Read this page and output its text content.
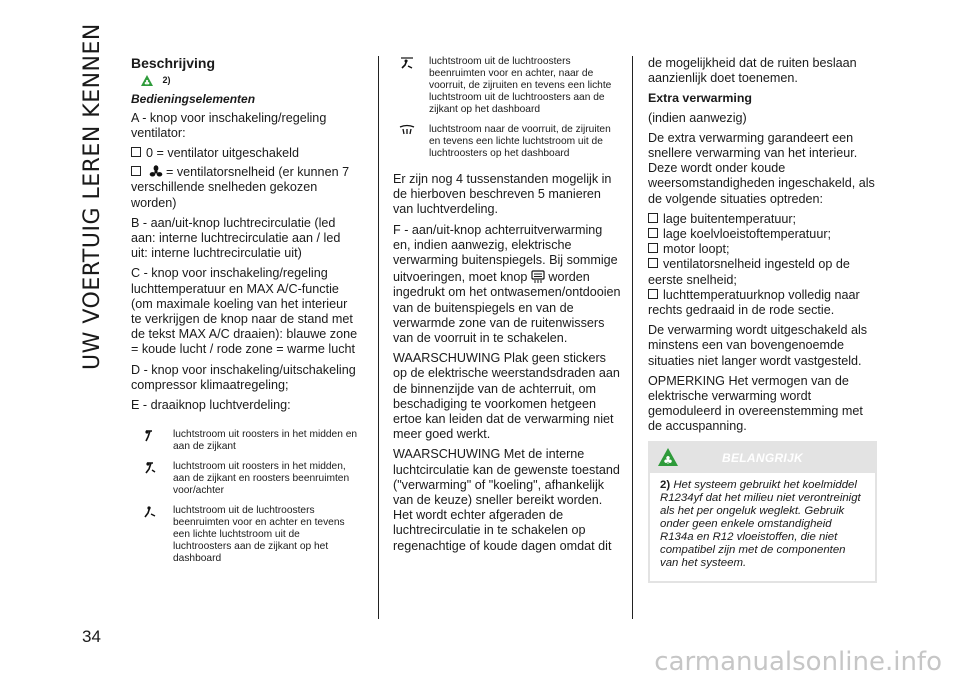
UW VOERTUIG LEREN KENNEN
34
Beschrijving
♣ $^{2)}$
Bedieningselementen

A - knop voor inschakeling/regeling ventilator:

0 = ventilator uitgeschakeld

= ventilatorsnelheid (er kunnen 7 verschillende snelheden gekozen worden)

B - aan/uit-knop luchtrecirculatie (led aan: interne luchtrecirculatie aan / led uit: interne luchtrecirculatie uit)

C - knop voor inschakeling/regeling luchttemperatuur en MAX A/C-functie (om maximale koeling van het interieur te verkrijgen de knop naar de stand met de tekst MAX A/C draaien): blauwe zone = koude lucht / rode zone = warme lucht

D - knop voor inschakeling/uitschakeling compressor klimaatregeling;

E - draaiknop luchtverdeling:

luchtstroom uit roosters in het midden en aan de zijkant
luchtstroom uit roosters in het midden, aan de zijkant en roosters beenruimten voor/achter
luchtstroom uit de luchtroosters beenruimten voor en achter en tevens een lichte luchtstroom uit de luchtroosters aan de zijkant op het dashboard
luchtstroom uit de luchtroosters beenruimten voor en achter, naar de voorruit, de zijruiten en tevens een lichte luchtstroom uit de luchtroosters aan de zijkant op het dashboard
luchtstroom naar de voorruit, de zijruiten en tevens een lichte luchtstroom uit de luchtroosters op het dashboard

Er zijn nog 4 tussenstanden mogelijk in de hierboven beschreven 5 manieren van luchtverdeling.

F - aan/uit-knop achterruitverwarming en, indien aanwezig, elektrische verwarming buitenspiegels. Bij sommige uitvoeringen, moet knop worden ingedrukt om het ontwasemen/ontdooien van de buitenspiegels en van de verwarmde zone van de ruitenwissers van de voorruit in te schakelen.

WAARSCHUWING Plak geen stickers op de elektrische weerstandsdraden aan de binnenzijde van de achterruit, om beschadiging te voorkomen hetgeen ertoe kan leiden dat de verwarming niet meer goed werkt.

WAARSCHUWING Met de interne luchtcirculatie kan de gewenste toestand ("verwarming" of "koeling", afhankelijk van de keuze) sneller bereikt worden. Het wordt echter afgeraden de luchtrecirculatie in te schakelen op regenachtige of koude dagen omdat dit

de mogelijkheid dat de ruiten beslaan aanzienlijk doet toenemen.

Extra verwarming

(indien aanwezig)

De extra verwarming garandeert een snellere verwarming van het interieur. Deze wordt onder koude weersomstandigheden ingeschakeld, als de volgende situaties optreden:

lage buitentemperatuur;
lage koelvloeistoftemperatuur;
motor loopt;
ventilatorsnelheid ingesteld op de eerste snelheid;

luchttemperatuurknop volledig naar rechts gedraaid in de rode sectie.

De verwarming wordt uitgeschakeld als minstens een van bovengenoemde situaties niet langer wordt vastgesteld.

OPMERKING Het vermogen van de elektrische verwarming wordt gemoduleerd in overeenstemming met de accuspanning.

♣	BELANGRIJK
2) Het systeem gebruikt het koelmiddel R1234yf dat het milieu niet verontreinigt als het per ongeluk weglekt. Gebruik onder geen enkele omstandigheid R134a en R12 vloeistoffen, die niet compatibel zijn met de componenten van het systeem.
carmanualsonline.info
